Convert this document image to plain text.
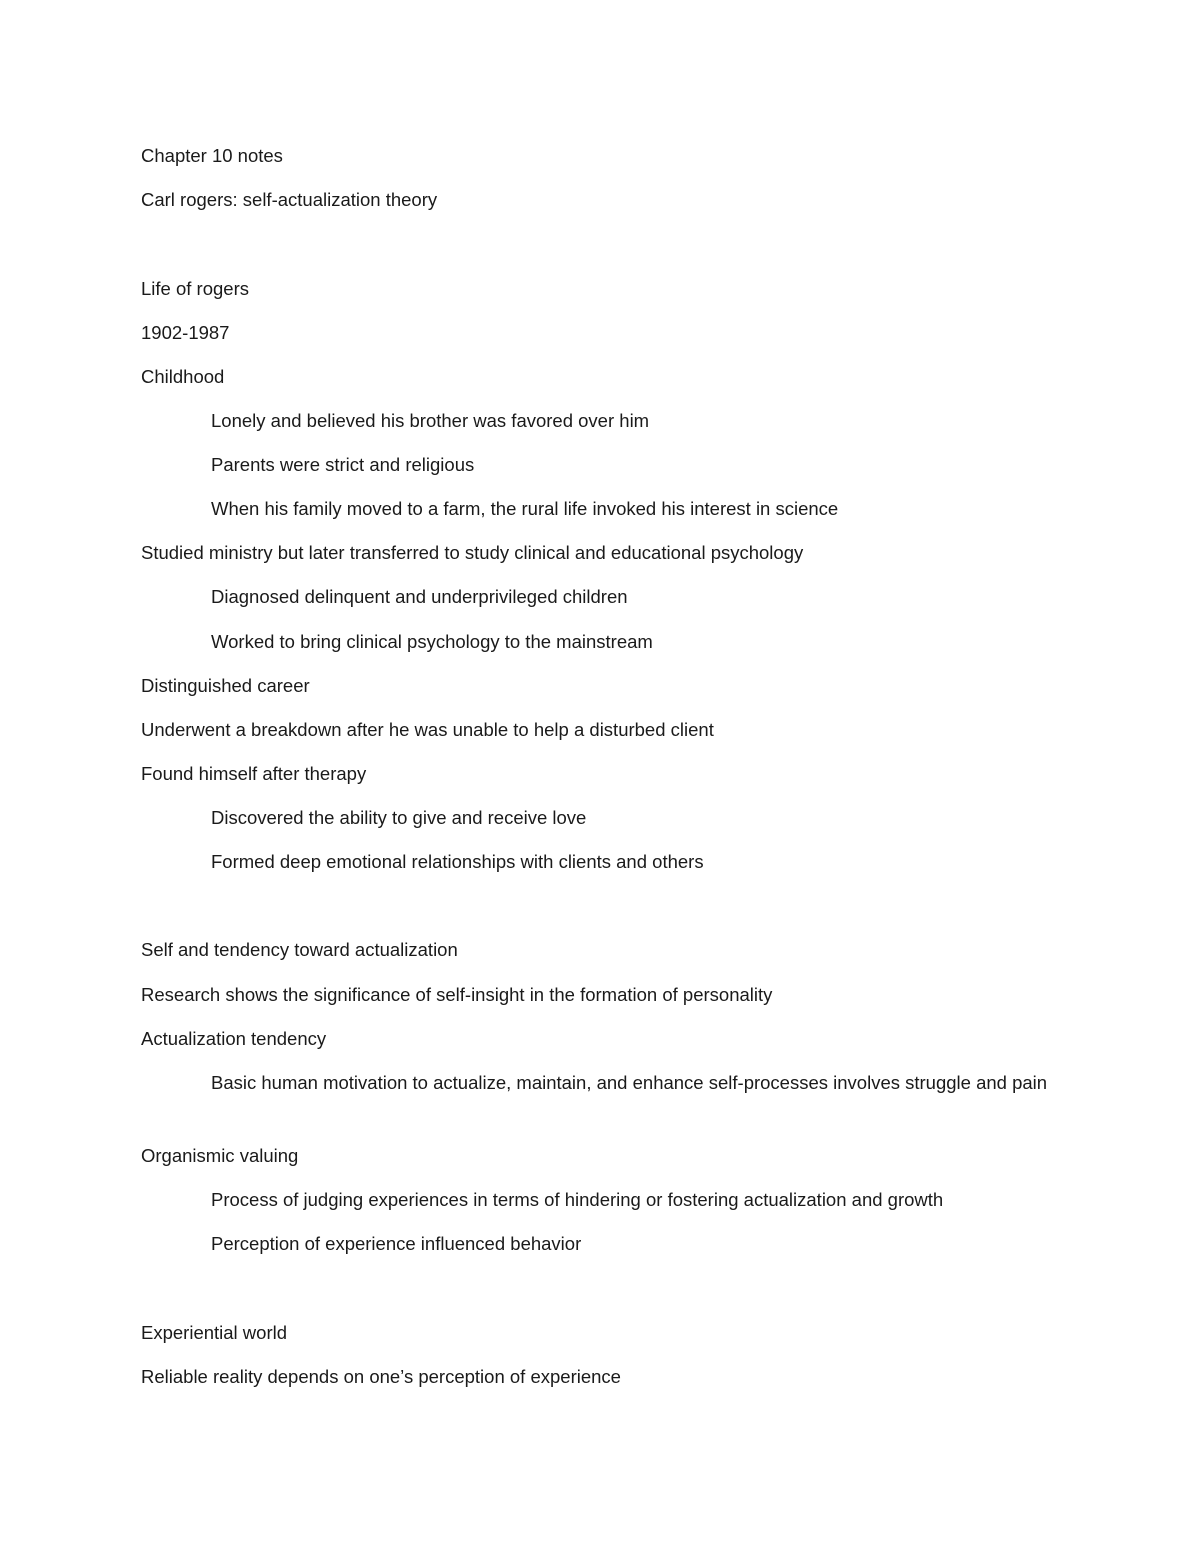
Chapter 10 notes
Carl rogers: self-actualization theory
Life of rogers
1902-1987
Childhood
Lonely and believed his brother was favored over him
Parents were strict and religious
When his family moved to a farm, the rural life invoked his interest in science
Studied ministry but later transferred to study clinical and educational psychology
Diagnosed delinquent and underprivileged children
Worked to bring clinical psychology to the mainstream
Distinguished career
Underwent a breakdown after he was unable to help a disturbed client
Found himself after therapy
Discovered the ability to give and receive love
Formed deep emotional relationships with clients and others
Self and tendency toward actualization
Research shows the significance of self-insight in the formation of personality
Actualization tendency
Basic human motivation to actualize, maintain, and enhance self-processes involves struggle and pain
Organismic valuing
Process of judging experiences in terms of hindering or fostering actualization and growth
Perception of experience influenced behavior
Experiential world
Reliable reality depends on one’s perception of experience
